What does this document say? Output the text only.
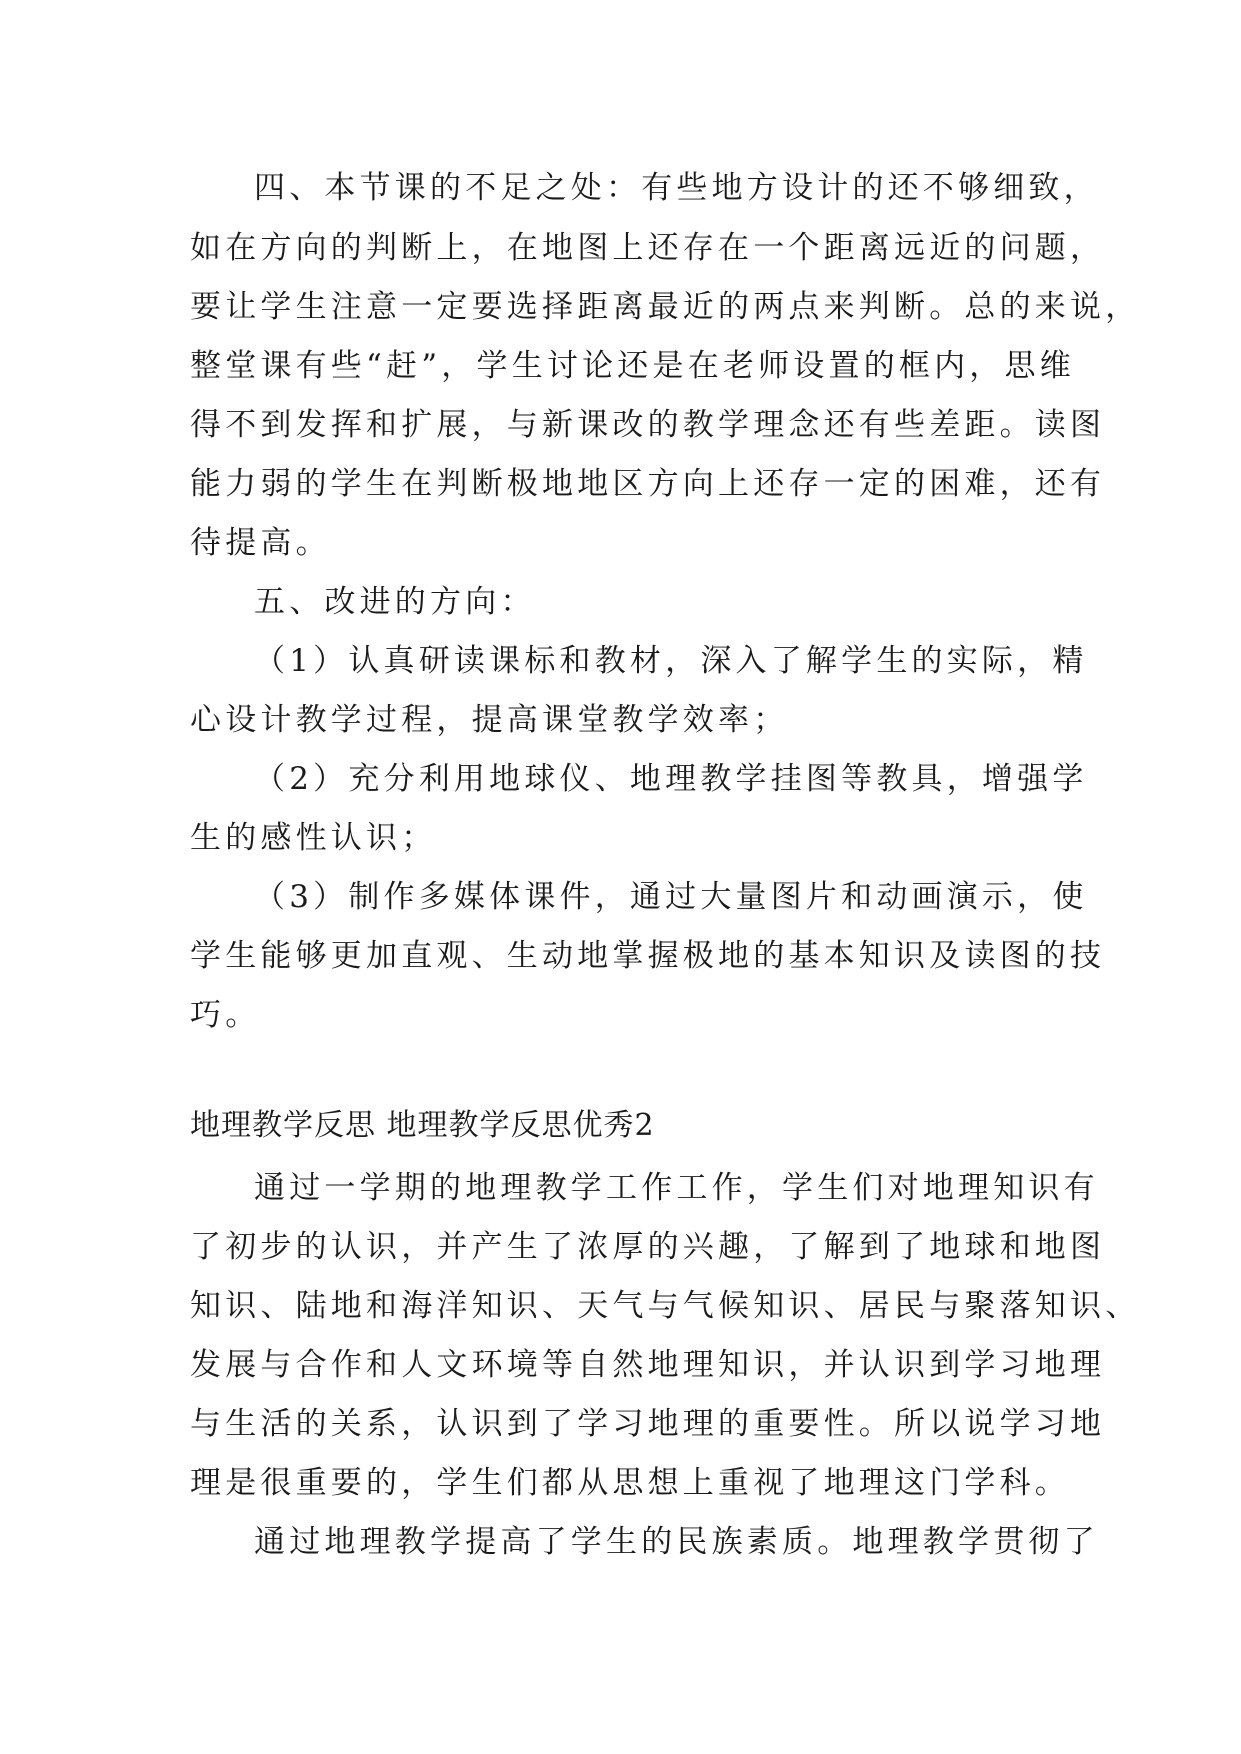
四、本节课的不足之处：有些地方设计的还不够细致，
如在方向的判断上，在地图上还存在一个距离远近的问题，
要让学生注意一定要选择距离最近的两点来判断。总的来说，
整堂课有些“赶”，学生讨论还是在老师设置的框内，思维
得不到发挥和扩展，与新课改的教学理念还有些差距。读图
能力弱的学生在判断极地地区方向上还存一定的困难，还有
待提高。
五、改进的方向：
（1）认真研读课标和教材，深入了解学生的实际，精
心设计教学过程，提高课堂教学效率；
（2）充分利用地球仪、地理教学挂图等教具，增强学
生的感性认识；
（3）制作多媒体课件，通过大量图片和动画演示，使
学生能够更加直观、生动地掌握极地的基本知识及读图的技
巧。
地理教学反思 地理教学反思优秀2
通过一学期的地理教学工作工作，学生们对地理知识有
了初步的认识，并产生了浓厚的兴趣，了解到了地球和地图
知识、陆地和海洋知识、天气与气候知识、居民与聚落知识、
发展与合作和人文环境等自然地理知识，并认识到学习地理
与生活的关系，认识到了学习地理的重要性。所以说学习地
理是很重要的，学生们都从思想上重视了地理这门学科。
通过地理教学提高了学生的民族素质。地理教学贯彻了
